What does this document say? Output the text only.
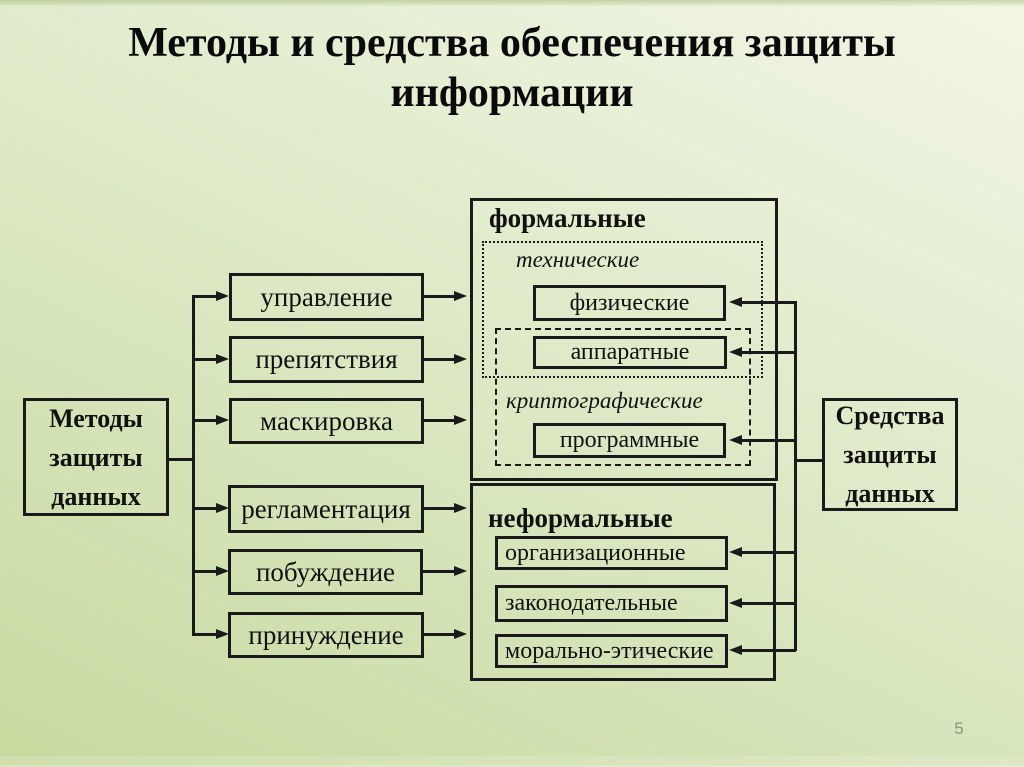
Методы и средства обеспечения защиты информации
Методы защиты данных
Средства защиты данных
управление
препятствия
маскировка
регламентация
побуждение
принуждение
формальные
технические
криптографические
физические
аппаратные
программные
неформальные
организационные
законодательные
морально-этические
5
